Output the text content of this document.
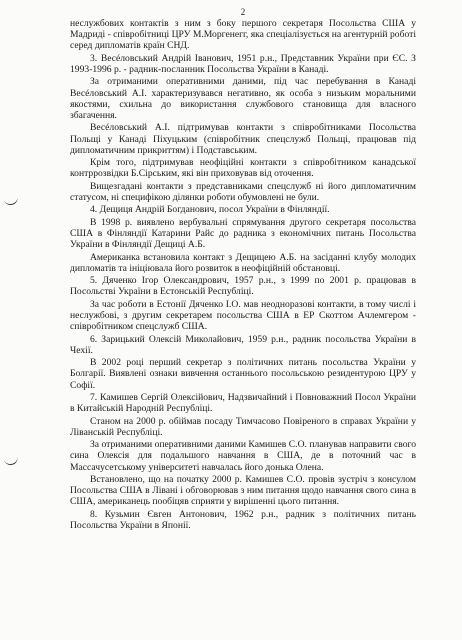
2

неслужбових контактів з ним з боку першого секретаря Посольства США у Мадриді - співробітниці ЦРУ М.Моргенегг, яка спеціалізується на агентурній роботі серед дипломатів країн СНД.

3. Весéловський Андрій Іванович, 1951 р.н., Представник України при ЄС. З 1993-1996 р. - радник-посланник Посольства України в Канаді.

За отриманими оперативними даними, під час перебування в Канаді Весéловський А.І. характеризувався негативно, як особа з низьким моральними якостями, схильна до використання службового становища для власного збагачення.

Весéловський А.І. підтримував контакти з співробітниками Посольства Польщі у Канаді Піхуцьким (співробітник спецслужб Польщі, працював під дипломатичним прикриттям) і Подставським.

Крім того, підтримував неофіційні контакти з співробітником канадської контррозвідки Б.Сірським, які він приховував від оточення.

Вищезгадані контакти з представниками спецслужб ні його дипломатичним статусом, ні специфікою ділянки роботи обумовлені не були.

4. Дещиця Андрій Богданович, посол України в Фінляндії.

В 1998 р. виявлено вербувальні спрямування другого секретаря посольства США в Фінляндії Катарини Райс до радника з економічних питань Посольства України в Фінляндії Дещиці А.Б.

Американка встановила контакт з Дещицею А.Б. на засіданні клубу молодих дипломатів та ініціювала його розвиток в неофіційній обстановці.

5. Дяченко Ігор Олександрович, 1957 р.н., з 1999 по 2001 р. працював в Посольстві України в Естонській Республіці.

За час роботи в Естонії Дяченко І.О. мав неодноразові контакти, в тому числі і неслужбові, з другим секретарем посольства США в ЕР Скоттом Ачлемгером - співробітником спецслужб США.

6. Зарицький Олексій Миколайович, 1959 р.н., радник посольства України в Чехії.

В 2002 році перший секретар з політичних питань посольства України у Болгарії. Виявлені ознаки вивчення останнього посольською резидентурою ЦРУ у Софії.

7. Камишев Сергій Олексійович, Надзвичайний і Повноважний Посол України в Китайській Народній Республіці.

Станом на 2000 р. обіймав посаду Тимчасово Повіреного в справах України у Ліванській Республіці.

За отриманими оперативними даними Камишев С.О. планував направити свого сина Олексія для подальшого навчання в США, де в поточний час в Массачусетському університеті навчалась його донька Олена.

Встановлено, що на початку 2000 р. Камишев С.О. провів зустріч з консулом Посольства США в Лівані і обговорював з ним питання щодо навчання свого сина в США, американець пообіцяв сприяти у вирішенні цього питання.

8. Кузьмин Євген Антонович, 1962 р.н., радник з політичних питань Посольства України в Японії.
